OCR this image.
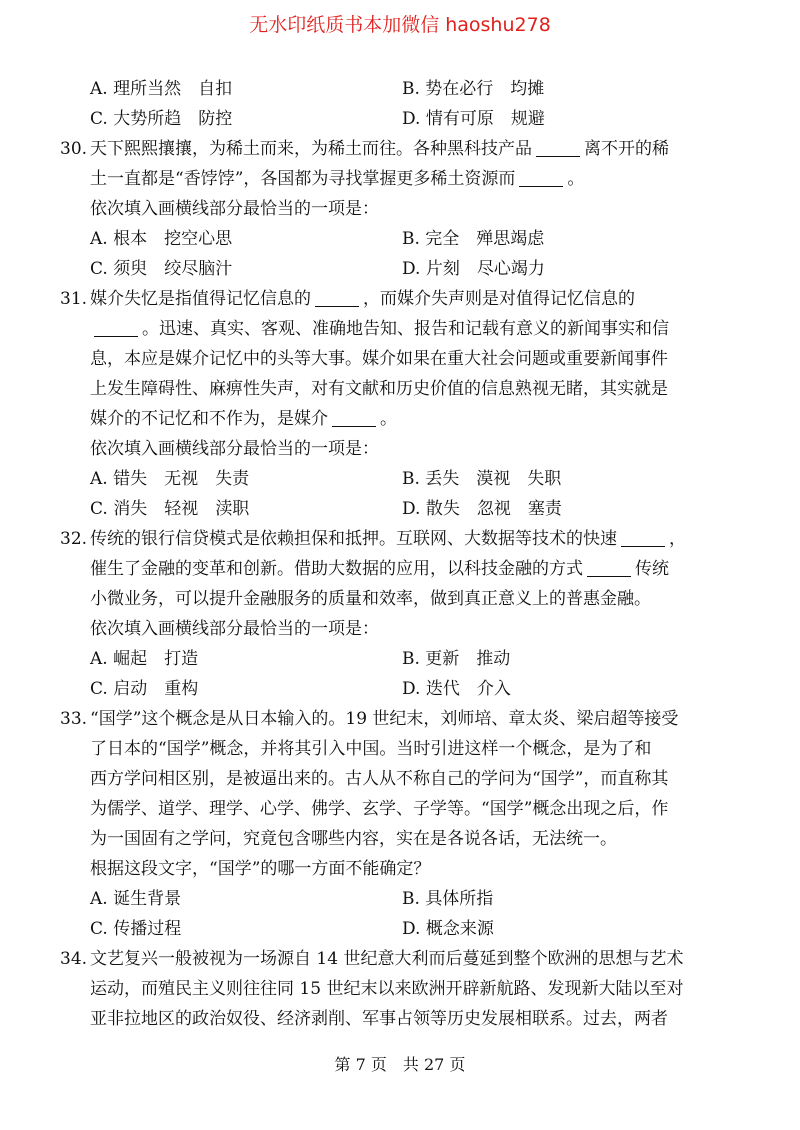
无水印纸质书本加微信 haoshu278
A. 理所当然　自扣	B. 势在必行　均摊
C. 大势所趋　防控	D. 情有可原　规避
30. 天下熙熙攘攘，为稀土而来，为稀土而往。各种黑科技产品	离不开的稀
土一直都是“香饽饽”，各国都为寻找掌握更多稀土资源而	。
依次填入画横线部分最恰当的一项是：
A. 根本　挖空心思	B. 完全　殚思竭虑
C. 须臾　绞尽脑汁	D. 片刻　尽心竭力
31. 媒介失忆是指值得记忆信息的	，而媒介失声则是对值得记忆信息的
。迅速、真实、客观、准确地告知、报告和记载有意义的新闻事实和信
息，本应是媒介记忆中的头等大事。媒介如果在重大社会问题或重要新闻事件
上发生障碍性、麻痹性失声，对有文献和历史价值的信息熟视无睹，其实就是
媒介的不记忆和不作为，是媒介	。
依次填入画横线部分最恰当的一项是：
A. 错失　无视　失责	B. 丢失　漠视　失职
C. 消失　轻视　渎职	D. 散失　忽视　塞责
32. 传统的银行信贷模式是依赖担保和抵押。互联网、大数据等技术的快速	，
催生了金融的变革和创新。借助大数据的应用，以科技金融的方式	传统
小微业务，可以提升金融服务的质量和效率，做到真正意义上的普惠金融。
依次填入画横线部分最恰当的一项是：
A. 崛起　打造	B. 更新　推动
C. 启动　重构	D. 迭代　介入
33. “国学”这个概念是从日本输入的。19 世纪末，刘师培、章太炎、梁启超等接受
了日本的“国学”概念，并将其引入中国。当时引进这样一个概念，是为了和
西方学问相区别，是被逼出来的。古人从不称自己的学问为“国学”，而直称其
为儒学、道学、理学、心学、佛学、玄学、子学等。“国学”概念出现之后，作
为一国固有之学问，究竟包含哪些内容，实在是各说各话，无法统一。
根据这段文字，“国学”的哪一方面不能确定？
A. 诞生背景	B. 具体所指
C. 传播过程	D. 概念来源
34. 文艺复兴一般被视为一场源自 14 世纪意大利而后蔓延到整个欧洲的思想与艺术
运动，而殖民主义则往往同 15 世纪末以来欧洲开辟新航路、发现新大陆以至对
亚非拉地区的政治奴役、经济剥削、军事占领等历史发展相联系。过去，两者
第 7 页　共 27 页
